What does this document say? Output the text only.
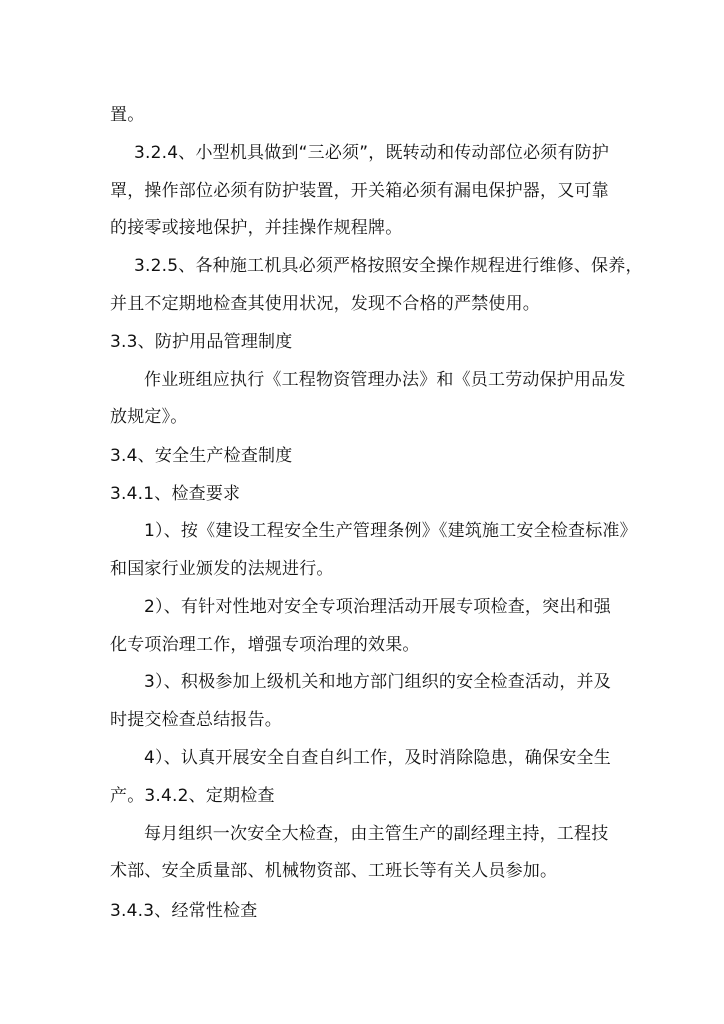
置。
3.2.4、小型机具做到“三必须”，既转动和传动部位必须有防护
罩，操作部位必须有防护装置，开关箱必须有漏电保护器，又可靠
的接零或接地保护，并挂操作规程牌。
3.2.5、各种施工机具必须严格按照安全操作规程进行维修、保养，
并且不定期地检查其使用状况，发现不合格的严禁使用。
3.3、防护用品管理制度
作业班组应执行《工程物资管理办法》和《员工劳动保护用品发
放规定》。
3.4、安全生产检查制度
3.4.1、检查要求
1）、按《建设工程安全生产管理条例》《建筑施工安全检查标准》
和国家行业颁发的法规进行。
2）、有针对性地对安全专项治理活动开展专项检查，突出和强
化专项治理工作，增强专项治理的效果。
3）、积极参加上级机关和地方部门组织的安全检查活动，并及
时提交检查总结报告。
4）、认真开展安全自查自纠工作，及时消除隐患，确保安全生
产。3.4.2、定期检查
每月组织一次安全大检查，由主管生产的副经理主持，工程技
术部、安全质量部、机械物资部、工班长等有关人员参加。
3.4.3、经常性检查
